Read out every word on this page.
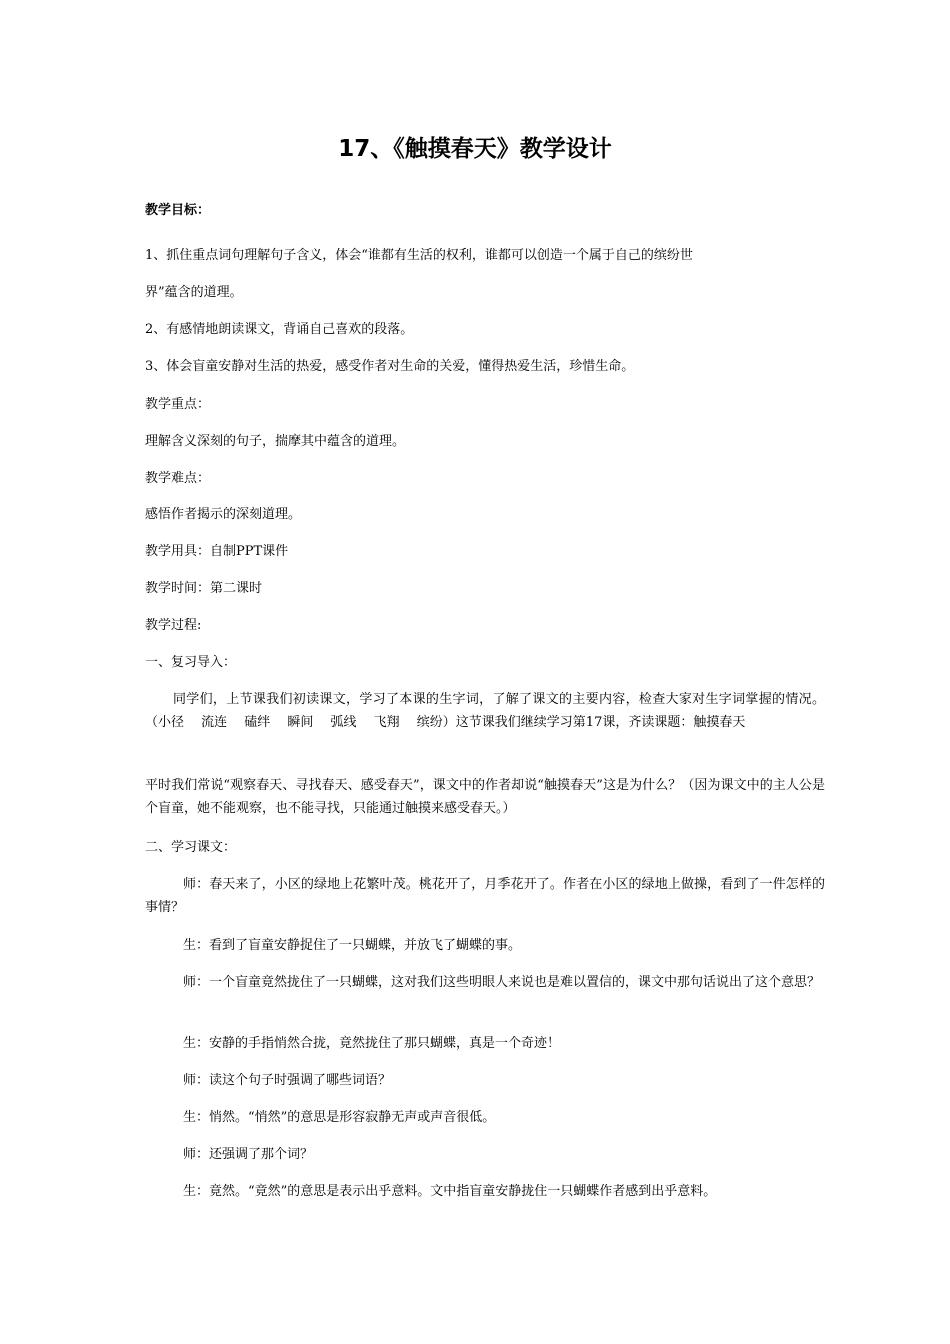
17、《触摸春天》教学设计

教学目标：

1、抓住重点词句理解句子含义，体会“谁都有生活的权利，谁都可以创造一个属于自己的缤纷世

界”蕴含的道理。

2、有感情地朗读课文，背诵自己喜欢的段落。

3、体会盲童安静对生活的热爱，感受作者对生命的关爱，懂得热爱生活，珍惜生命。

教学重点：

理解含义深刻的句子，揣摩其中蕴含的道理。

教学难点：

感悟作者揭示的深刻道理。

教学用具：自制PPT课件

教学时间：第二课时

教学过程:

一、复习导入：

同学们，上节课我们初读课文，学习了本课的生字词，了解了课文的主要内容，检查大家对生字词掌握的情况。（小径　 流连　 磕绊　 瞬间　 弧线　 飞翔　 缤纷）这节课我们继续学习第17课，齐读课题：触摸春天

平时我们常说“观察春天、寻找春天、感受春天”，课文中的作者却说“触摸春天”这是为什么？（因为课文中的主人公是个盲童，她不能观察，也不能寻找，只能通过触摸来感受春天。）

二、学习课文：

师：春天来了，小区的绿地上花繁叶茂。桃花开了，月季花开了。作者在小区的绿地上做操，看到了一件怎样的事情？

生：看到了盲童安静捉住了一只蝴蝶，并放飞了蝴蝶的事。

师：一个盲童竟然拢住了一只蝴蝶，这对我们这些明眼人来说也是难以置信的，课文中那句话说出了这个意思？

生：安静的手指悄然合拢，竟然拢住了那只蝴蝶，真是一个奇迹！

师：读这个句子时强调了哪些词语？

生：悄然。“悄然”的意思是形容寂静无声或声音很低。

师：还强调了那个词？

生：竟然。“竟然”的意思是表示出乎意料。文中指盲童安静拢住一只蝴蝶作者感到出乎意料。
